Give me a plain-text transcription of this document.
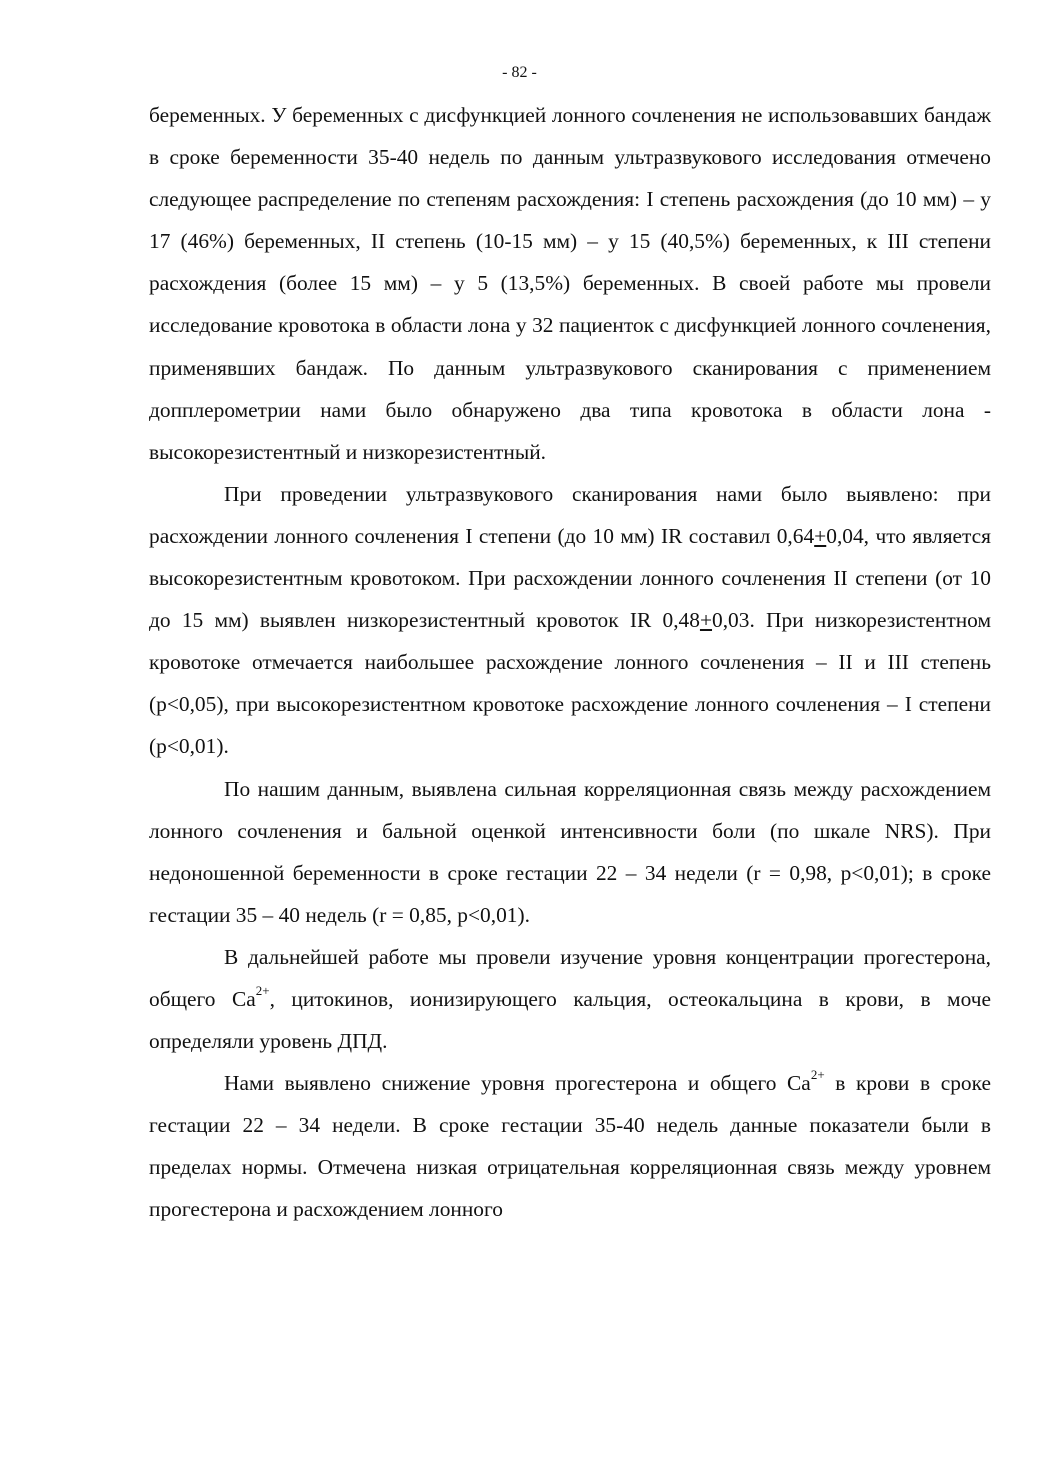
- 82 -

беременных. У беременных с дисфункцией лонного сочленения не использовавших бандаж в сроке беременности 35-40 недель по данным ультразвукового исследования отмечено следующее распределение по степеням расхождения: I степень расхождения (до 10 мм) – у 17 (46%) беременных, II степень (10-15 мм) – у 15 (40,5%) беременных, к III степени расхождения (более 15 мм) – у 5 (13,5%) беременных. В своей работе мы провели исследование кровотока в области лона у 32 пациенток с дисфункцией лонного сочленения, применявших бандаж. По данным ультразвукового сканирования с применением допплерометрии нами было обнаружено два типа кровотока в области лона - высокорезистентный и низкорезистентный.

При проведении ультразвукового сканирования нами было выявлено: при расхождении лонного сочленения I степени (до 10 мм) IR составил 0,64+0,04, что является высокорезистентным кровотоком. При расхождении лонного сочленения II степени (от 10 до 15 мм) выявлен низкорезистентный кровоток IR 0,48+0,03. При низкорезистентном кровотоке отмечается наибольшее расхождение лонного сочленения – II и III степень (p<0,05), при высокорезистентном кровотоке расхождение лонного сочленения – I степени (p<0,01).

По нашим данным, выявлена сильная корреляционная связь между расхождением лонного сочленения и бальной оценкой интенсивности боли (по шкале NRS). При недоношенной беременности в сроке гестации 22 – 34 недели (r = 0,98, p<0,01); в сроке гестации 35 – 40 недель (r = 0,85, p<0,01).

В дальнейшей работе мы провели изучение уровня концентрации прогестерона, общего $Ca^{2+}$, цитокинов, ионизирующего кальция, остеокальцина в крови, в моче определяли уровень ДПД.

Нами выявлено снижение уровня прогестерона и общего $Ca^{2+}$ в крови в сроке гестации 22 – 34 недели. В сроке гестации 35-40 недель данные показатели были в пределах нормы. Отмечена низкая отрицательная корреляционная связь между уровнем прогестерона и расхождением лонного
